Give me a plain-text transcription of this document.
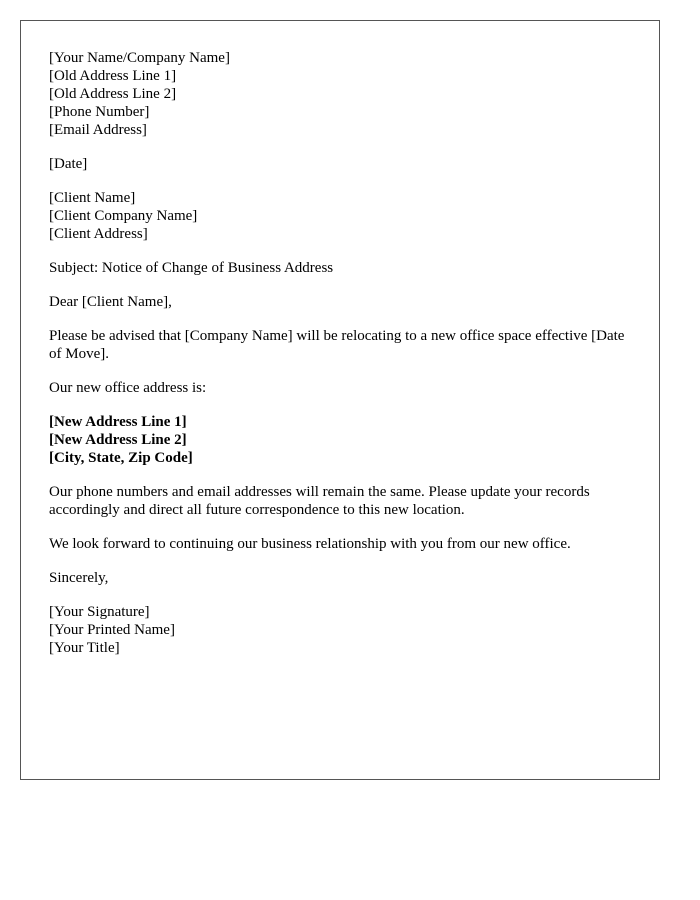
[Your Name/Company Name]
[Old Address Line 1]
[Old Address Line 2]
[Phone Number]
[Email Address]
[Date]
[Client Name]
[Client Company Name]
[Client Address]
Subject: Notice of Change of Business Address
Dear [Client Name],
Please be advised that [Company Name] will be relocating to a new office space effective [Date of Move].
Our new office address is:
[New Address Line 1]
[New Address Line 2]
[City, State, Zip Code]
Our phone numbers and email addresses will remain the same. Please update your records accordingly and direct all future correspondence to this new location.
We look forward to continuing our business relationship with you from our new office.
Sincerely,
[Your Signature]
[Your Printed Name]
[Your Title]
